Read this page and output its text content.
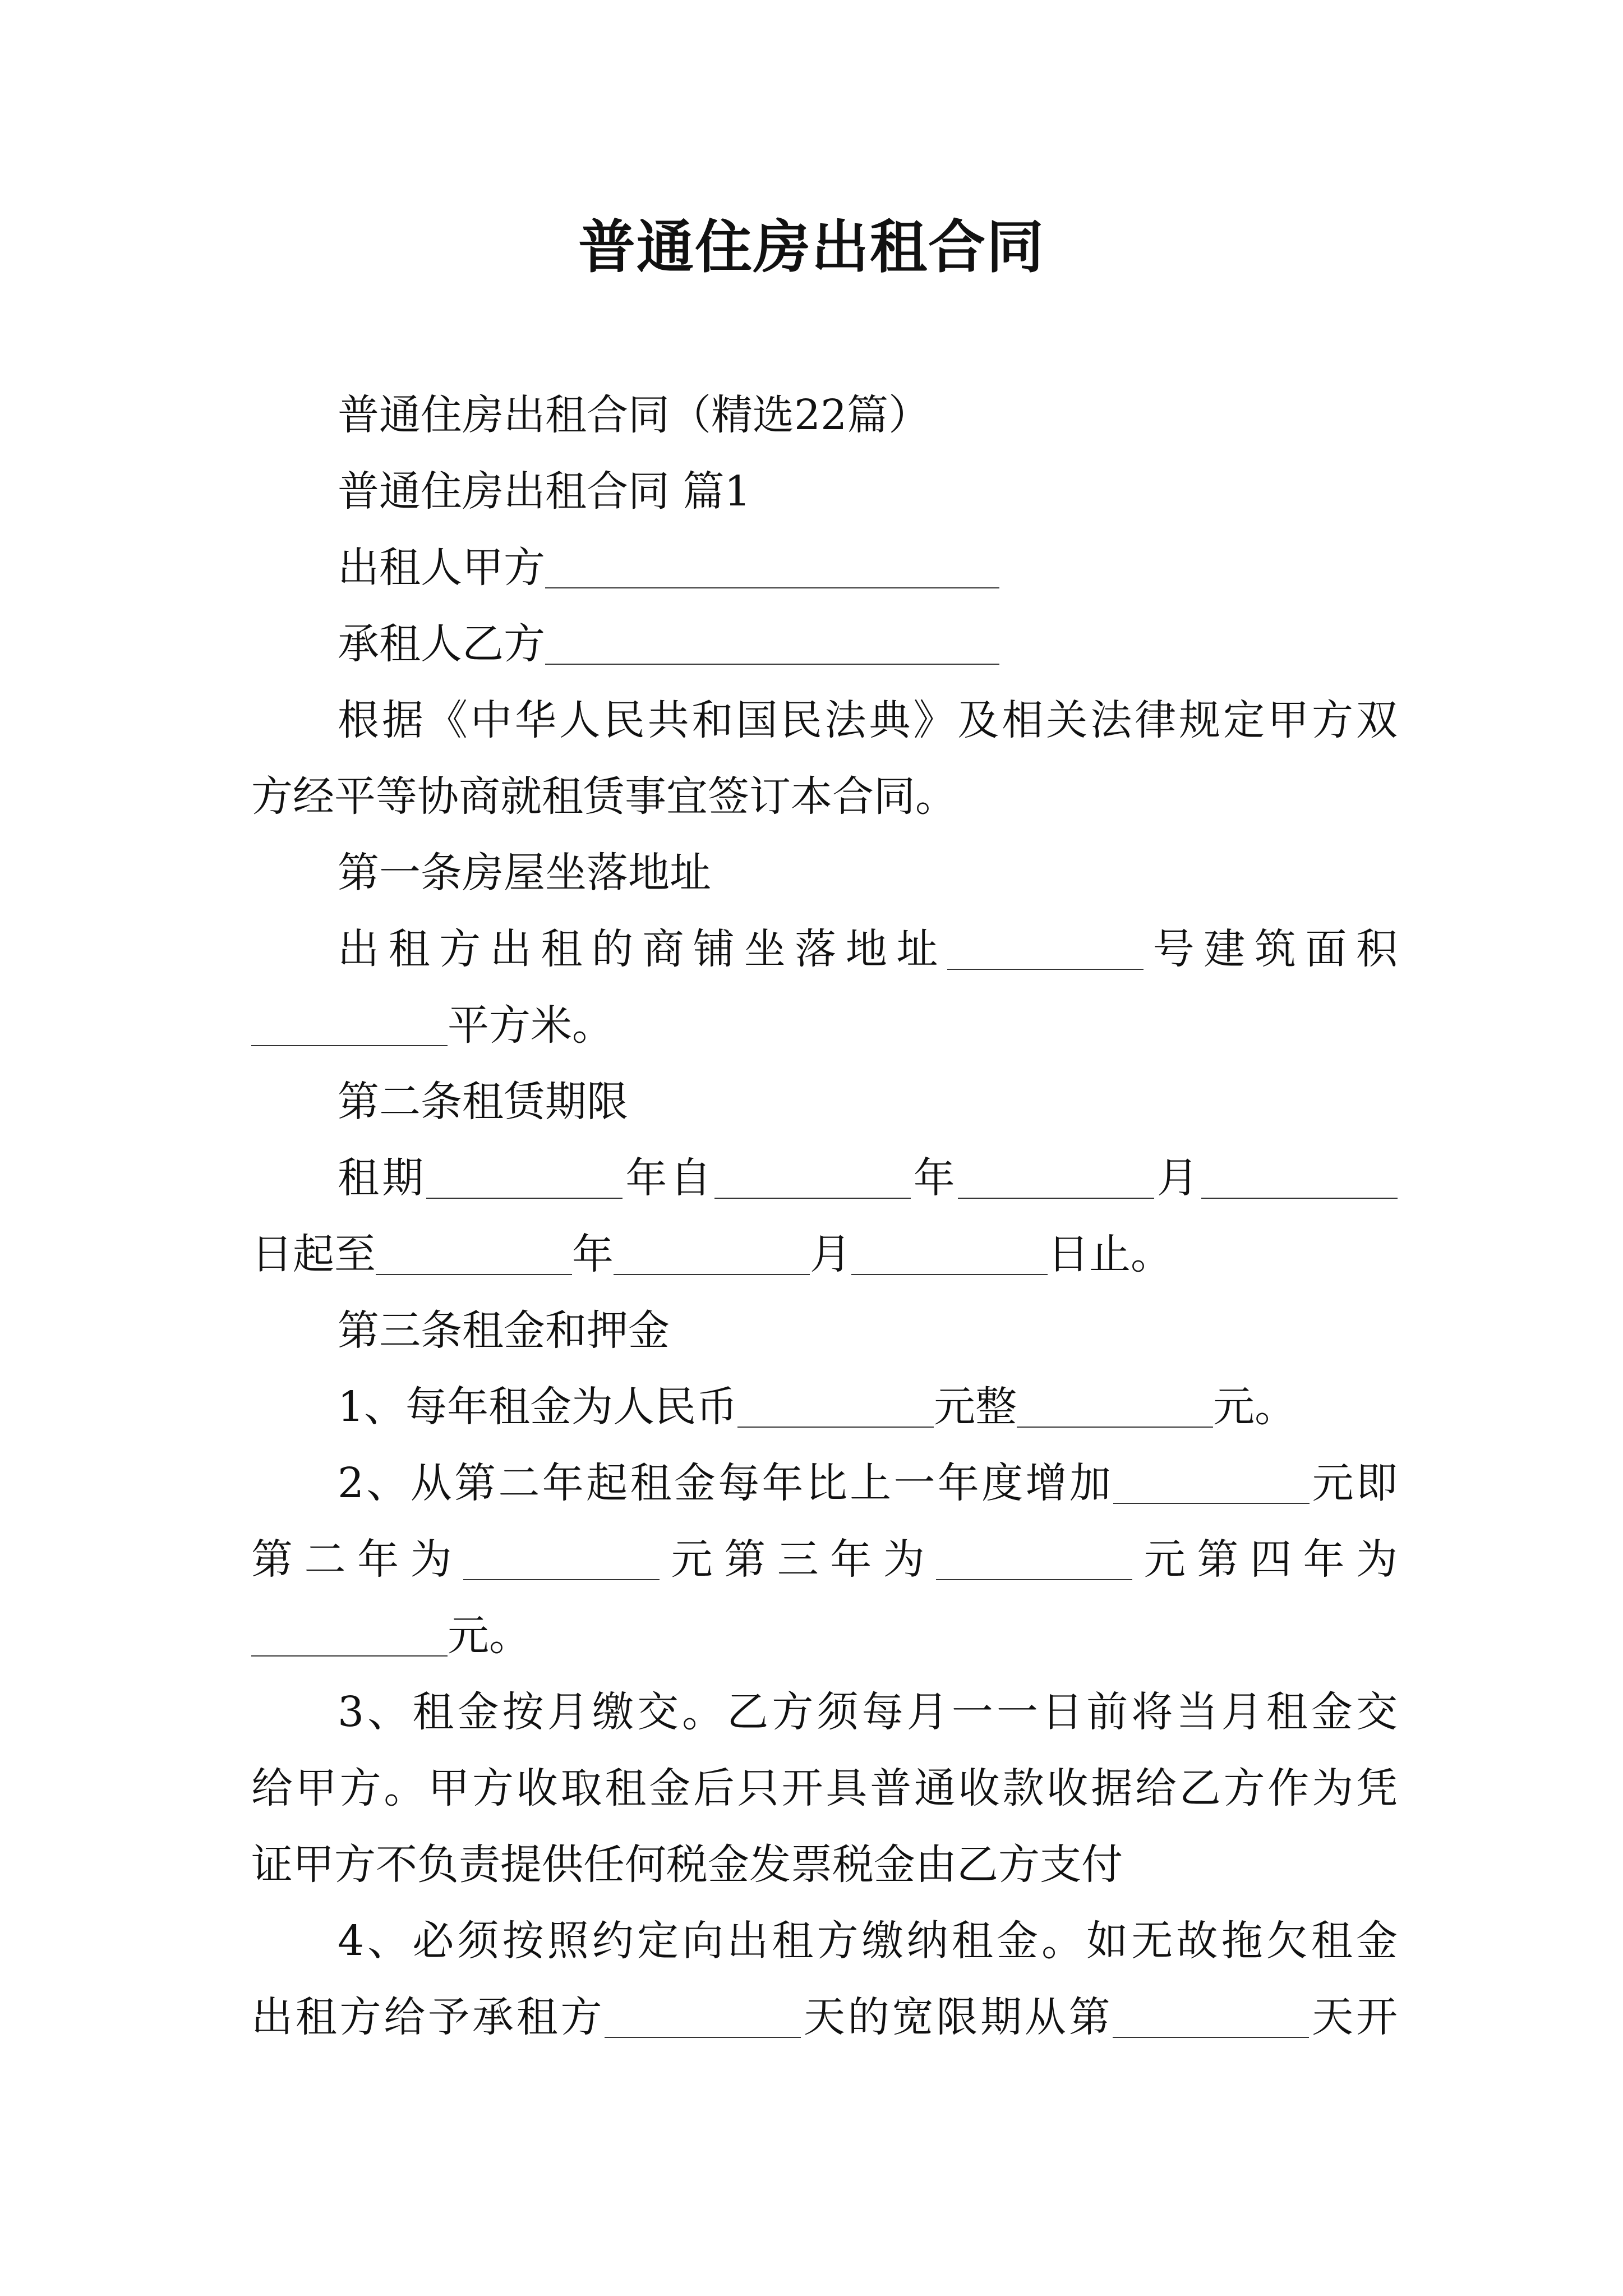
普通住房出租合同

普通住房出租合同（精选22篇）

普通住房出租合同 篇1

出租人甲方

承租人乙方

根据《中华人民共和国民法典》及相关法律规定甲方双

方经平等协商就租赁事宜签订本合同。

第一条房屋坐落地址

出租方出租的商铺坐落地址	号建筑面积

平方米。

第二条租赁期限

租期	年自	年	月

日起至	年	月	日止。

第三条租金和押金

1、每年租金为人民币	元整	元。

2、从第二年起租金每年比上一年度增加	元即

第二年为	元第三年为	元第四年为

元。

3、租金按月缴交。乙方须每月一一日前将当月租金交

给甲方。甲方收取租金后只开具普通收款收据给乙方作为凭

证甲方不负责提供任何税金发票税金由乙方支付

4、必须按照约定向出租方缴纳租金。如无故拖欠租金

出租方给予承租方	天的宽限期从第	天开
